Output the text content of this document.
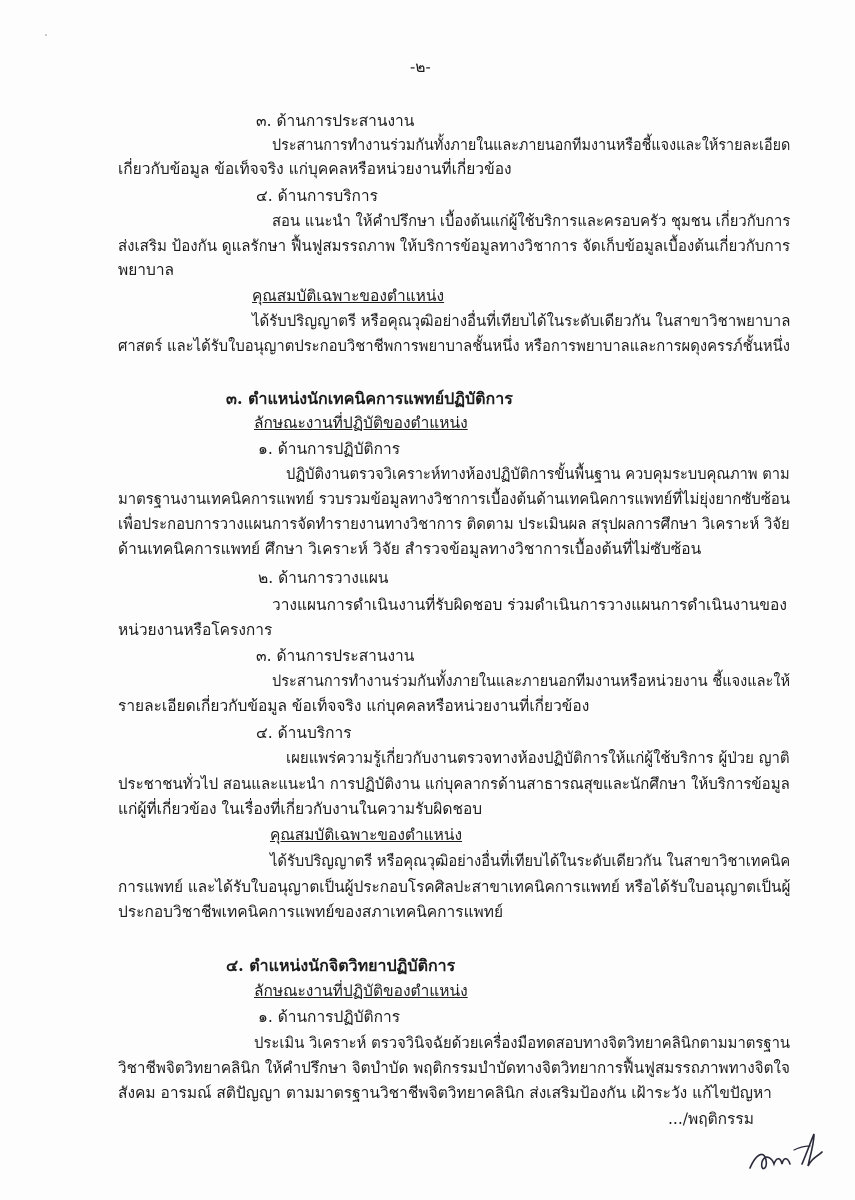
-๒-
๓. ด้านการประสานงาน
ประสานการทำงานร่วมกันทั้งภายในและภายนอกทีมงานหรือชี้แจงและให้รายละเอียด
เกี่ยวกับข้อมูล ข้อเท็จจริง แก่บุคคลหรือหน่วยงานที่เกี่ยวข้อง
๔. ด้านการบริการ
สอน แนะนำ ให้คำปรึกษา เบื้องต้นแก่ผู้ใช้บริการและครอบครัว ชุมชน เกี่ยวกับการ
ส่งเสริม ป้องกัน ดูแลรักษา ฟื้นฟูสมรรถภาพ ให้บริการข้อมูลทางวิชาการ จัดเก็บข้อมูลเบื้องต้นเกี่ยวกับการ
พยาบาล
คุณสมบัติเฉพาะของตำแหน่ง
ได้รับปริญญาตรี หรือคุณวุฒิอย่างอื่นที่เทียบได้ในระดับเดียวกัน ในสาขาวิชาพยาบาล
ศาสตร์ และได้รับใบอนุญาตประกอบวิชาชีพการพยาบาลชั้นหนึ่ง หรือการพยาบาลและการผดุงครรภ์ชั้นหนึ่ง
๓. ตำแหน่งนักเทคนิคการแพทย์ปฏิบัติการ
ลักษณะงานที่ปฏิบัติของตำแหน่ง
๑. ด้านการปฏิบัติการ
ปฏิบัติงานตรวจวิเคราะห์ทางห้องปฏิบัติการขั้นพื้นฐาน ควบคุมระบบคุณภาพ ตาม
มาตรฐานงานเทคนิคการแพทย์ รวบรวมข้อมูลทางวิชาการเบื้องต้นด้านเทคนิคการแพทย์ที่ไม่ยุ่งยากซับซ้อน
เพื่อประกอบการวางแผนการจัดทำรายงานทางวิชาการ ติดตาม ประเมินผล สรุปผลการศึกษา วิเคราะห์ วิจัย
ด้านเทคนิคการแพทย์ ศึกษา วิเคราะห์ วิจัย สำรวจข้อมูลทางวิชาการเบื้องต้นที่ไม่ซับซ้อน
๒. ด้านการวางแผน
วางแผนการดำเนินงานที่รับผิดชอบ ร่วมดำเนินการวางแผนการดำเนินงานของ
หน่วยงานหรือโครงการ
๓. ด้านการประสานงาน
ประสานการทำงานร่วมกันทั้งภายในและภายนอกทีมงานหรือหน่วยงาน ชี้แจงและให้
รายละเอียดเกี่ยวกับข้อมูล ข้อเท็จจริง แก่บุคคลหรือหน่วยงานที่เกี่ยวข้อง
๔. ด้านบริการ
เผยแพร่ความรู้เกี่ยวกับงานตรวจทางห้องปฏิบัติการให้แก่ผู้ใช้บริการ ผู้ป่วย ญาติ
ประชาชนทั่วไป สอนและแนะนำ การปฏิบัติงาน แก่บุคลากรด้านสาธารณสุขและนักศึกษา ให้บริการข้อมูล
แก่ผู้ที่เกี่ยวข้อง ในเรื่องที่เกี่ยวกับงานในความรับผิดชอบ
คุณสมบัติเฉพาะของตำแหน่ง
ได้รับปริญญาตรี หรือคุณวุฒิอย่างอื่นที่เทียบได้ในระดับเดียวกัน ในสาขาวิชาเทคนิค
การแพทย์ และได้รับใบอนุญาตเป็นผู้ประกอบโรคศิลปะสาขาเทคนิคการแพทย์ หรือได้รับใบอนุญาตเป็นผู้
ประกอบวิชาชีพเทคนิคการแพทย์ของสภาเทคนิคการแพทย์
๔. ตำแหน่งนักจิตวิทยาปฏิบัติการ
ลักษณะงานที่ปฏิบัติของตำแหน่ง
๑. ด้านการปฏิบัติการ
ประเมิน วิเคราะห์ ตรวจวินิจฉัยด้วยเครื่องมือทดสอบทางจิตวิทยาคลินิกตามมาตรฐาน
วิชาชีพจิตวิทยาคลินิก ให้คำปรึกษา จิตบำบัด พฤติกรรมบำบัดทางจิตวิทยาการฟื้นฟูสมรรถภาพทางจิตใจ
สังคม อารมณ์ สติปัญญา ตามมาตรฐานวิชาชีพจิตวิทยาคลินิก ส่งเสริมป้องกัน เฝ้าระวัง แก้ไขปัญหา
.../พฤติกรรม
